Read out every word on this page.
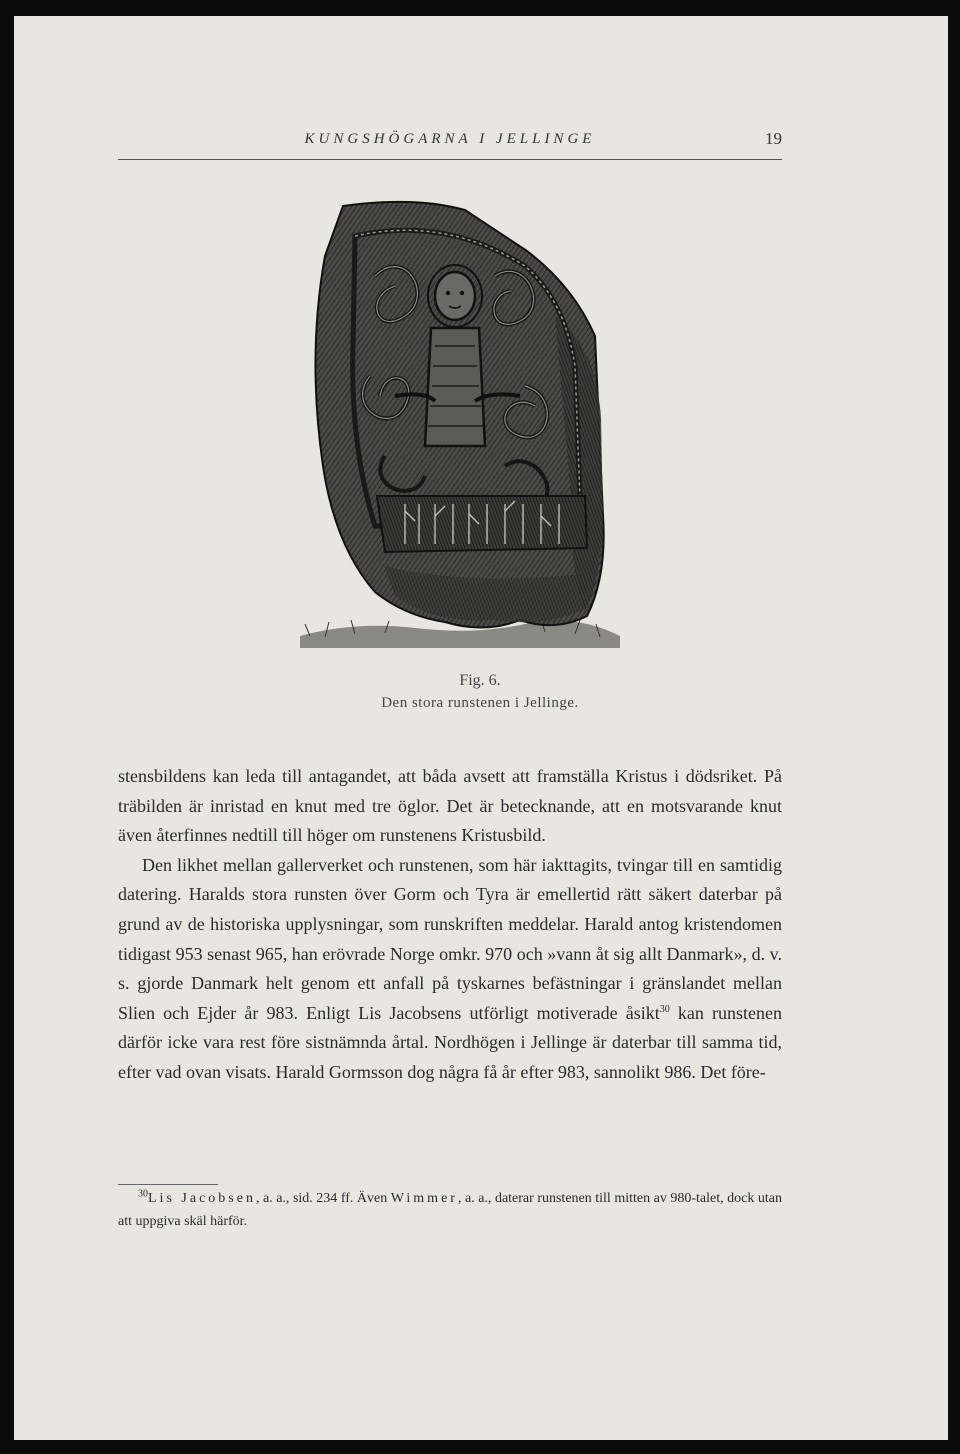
KUNGSHÖGARNA I JELLINGE	19
Fig. 6.
Den stora runstenen i Jellinge.

stensbildens kan leda till antagandet, att båda avsett att framställa Kristus i dödsriket. På träbilden är inristad en knut med tre öglor. Det är betecknande, att en motsvarande knut även återfinnes nedtill till höger om runstenens Kristusbild.

Den likhet mellan gallerverket och runstenen, som här iakttagits, tvingar till en samtidig datering. Haralds stora runsten över Gorm och Tyra är emellertid rätt säkert daterbar på grund av de historiska upplysningar, som runskriften meddelar. Harald antog kristendomen tidigast 953 senast 965, han erövrade Norge omkr. 970 och »vann åt sig allt Danmark», d. v. s. gjorde Danmark helt genom ett anfall på tyskarnes befästningar i gränslandet mellan Slien och Ejder år 983. Enligt Lis Jacobsens utförligt motiverade åsikt$^{30}$ kan runstenen därför icke vara rest före sistnämnda årtal. Nordhögen i Jellinge är daterbar till samma tid, efter vad ovan visats. Harald Gormsson dog några få år efter 983, sannolikt 986. Det före-

$^{30}$Lis Jacobsen, a. a., sid. 234 ff. Även Wimmer, a. a., daterar runstenen till mitten av 980-talet, dock utan att uppgiva skäl härför.
